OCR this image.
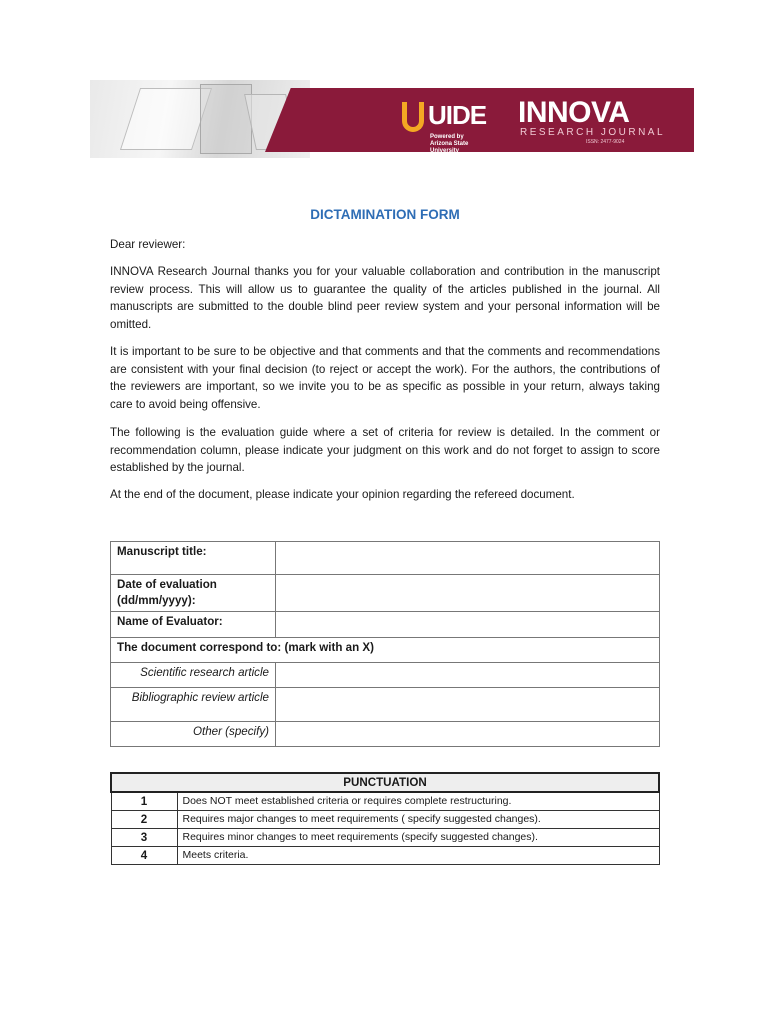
UIDE
Powered by
Arizona State University
INNOVA
RESEARCH JOURNAL
ISSN: 2477-9024
DICTAMINATION FORM

Dear reviewer:

INNOVA Research Journal thanks you for your valuable collaboration and contribution in the manuscript review process. This will allow us to guarantee the quality of the articles published in the journal. All manuscripts are submitted to the double blind peer review system and your personal information will be omitted.

It is important to be sure to be objective and that comments and that the comments and recommendations are consistent with your final decision (to reject or accept the work). For the authors, the contributions of the reviewers are important, so we invite you to be as specific as possible in your return, always taking care to avoid being offensive.

The following is the evaluation guide where a set of criteria for review is detailed. In the comment or recommendation column, please indicate your judgment on this work and do not forget to assign to score established by the journal.

At the end of the document, please indicate your opinion regarding the refereed document.

Manuscript title:	
Date of evaluation (dd/mm/yyyy):	
Name of Evaluator:	
The document correspond to: (mark with an X)	
Scientific research article	
Bibliographic review article	
Other (specify)	
PUNCTUATION	
1	Does NOT meet established criteria or requires complete restructuring.
2	Requires major changes to meet requirements ( specify suggested changes).
3	Requires minor changes to meet requirements (specify suggested changes).
4	Meets criteria.
